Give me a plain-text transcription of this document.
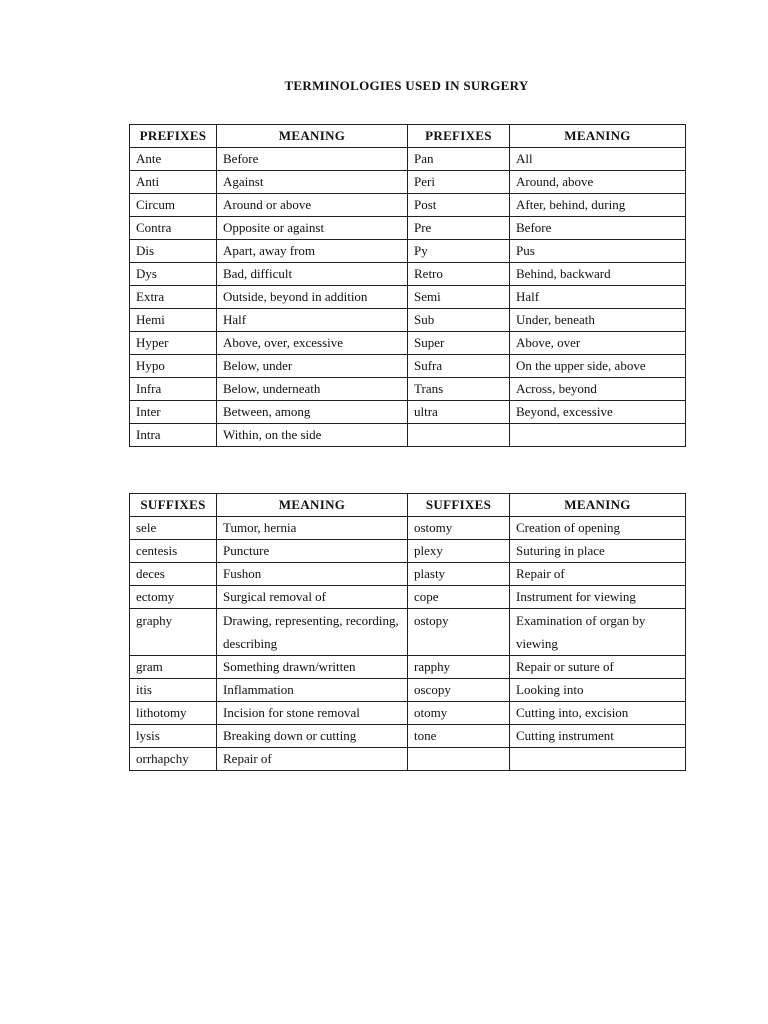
TERMINOLOGIES USED IN SURGERY
PREFIXES	MEANING	PREFIXES	MEANING
Ante	Before	Pan	All
Anti	Against	Peri	Around, above
Circum	Around or above	Post	After, behind, during
Contra	Opposite or against	Pre	Before
Dis	Apart, away from	Py	Pus
Dys	Bad, difficult	Retro	Behind, backward
Extra	Outside, beyond in addition	Semi	Half
Hemi	Half	Sub	Under, beneath
Hyper	Above, over, excessive	Super	Above, over
Hypo	Below, under	Sufra	On the upper side, above
Infra	Below, underneath	Trans	Across, beyond
Inter	Between, among	ultra	Beyond, excessive
Intra	Within, on the side		
SUFFIXES	MEANING	SUFFIXES	MEANING
sele	Tumor, hernia	ostomy	Creation of opening
centesis	Puncture	plexy	Suturing in place
deces	Fushon	plasty	Repair of
ectomy	Surgical removal of	cope	Instrument for viewing
graphy	Drawing, representing, recording, describing	ostopy	Examination of organ by viewing
gram	Something drawn/written	rapphy	Repair or suture of
itis	Inflammation	oscopy	Looking into
lithotomy	Incision for stone removal	otomy	Cutting into, excision
lysis	Breaking down or cutting	tone	Cutting instrument
orrhapchy	Repair of		
